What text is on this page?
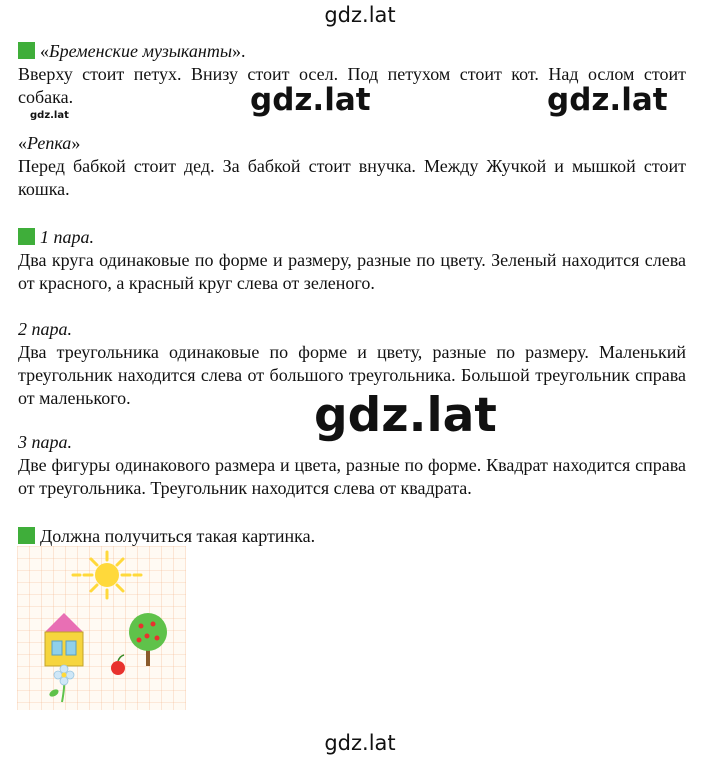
gdz.lat

«Бременские музыканты».

Вверху стоит петух. Внизу стоит осел. Под петухом стоит кот. Над ослом стоит собака.	gdz.lat	gdz.lat
gdz.lat

«Репка»

Перед бабкой стоит дед. За бабкой стоит внучка. Между Жучкой и мышкой стоит кошка.

1 пара.

Два круга одинаковые по форме и размеру, разные по цвету. Зеленый находится слева от красного, а красный круг слева от зеленого.

2 пара.

Два треугольника одинаковые по форме и цвету, разные по размеру. Маленький треугольник находится слева от большого треугольника. Большой треугольник справа от маленького.	gdz.lat

3 пара.

Две фигуры одинакового размера и цвета, разные по форме. Квадрат находится справа от треугольника. Треугольник находится слева от квадрата.

Должна получиться такая картинка.

gdz.lat
